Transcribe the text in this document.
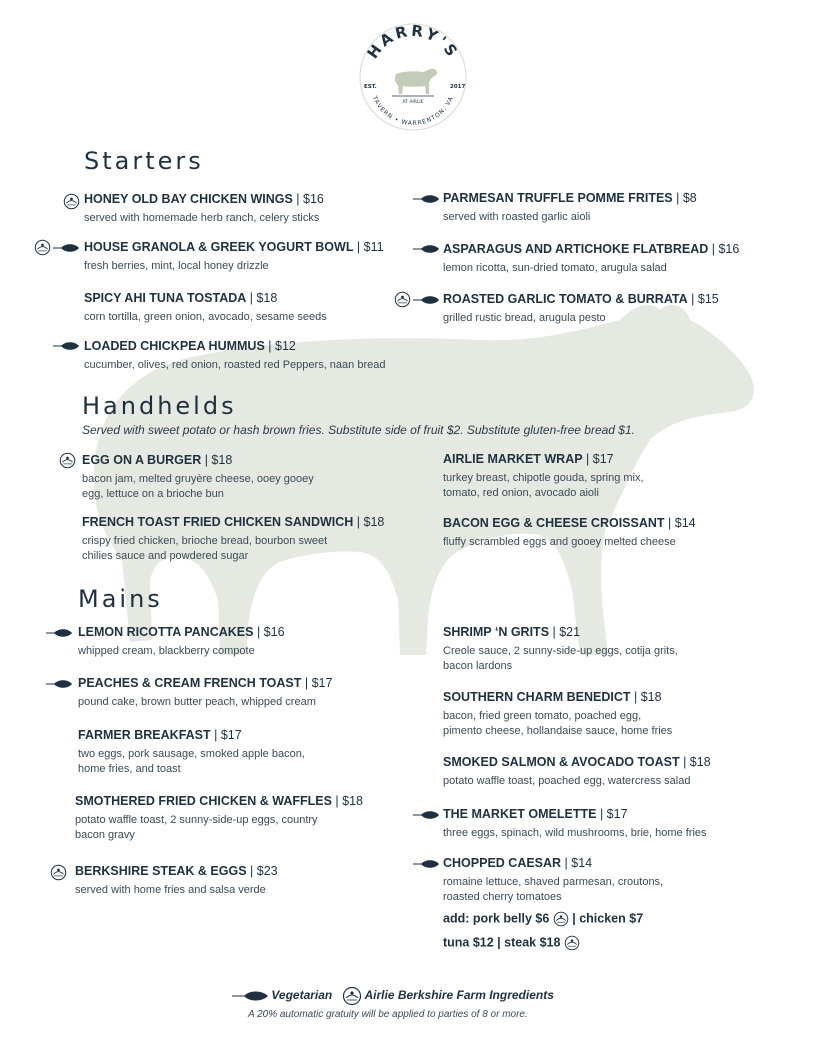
HARRY'S
TAVERN • WARRENTON, VA
EST.	2017
AT AIRLIE
Starters
Handhelds
Served with sweet potato or hash brown fries. Substitute side of fruit $2. Substitute gluten-free bread $1.
Mains
HONEY OLD BAY CHICKEN WINGS | $16
served with homemade herb ranch, celery sticks
HOUSE GRANOLA & GREEK YOGURT BOWL | $11
fresh berries, mint, local honey drizzle
SPICY AHI TUNA TOSTADA | $18
corn tortilla, green onion, avocado, sesame seeds
LOADED CHICKPEA HUMMUS | $12
cucumber, olives, red onion, roasted red Peppers, naan bread
PARMESAN TRUFFLE POMME FRITES | $8
served with roasted garlic aioli
ASPARAGUS AND ARTICHOKE FLATBREAD | $16
lemon ricotta, sun-dried tomato, arugula salad
ROASTED GARLIC TOMATO & BURRATA | $15
grilled rustic bread, arugula pesto
EGG ON A BURGER | $18
bacon jam, melted gruyère cheese, ooey gooey
egg, lettuce on a brioche bun
FRENCH TOAST FRIED CHICKEN SANDWICH | $18
crispy fried chicken, brioche bread, bourbon sweet
chilies sauce and powdered sugar
AIRLIE MARKET WRAP | $17
turkey breast, chipotle gouda, spring mix,
tomato, red onion, avocado aioli
BACON EGG & CHEESE CROISSANT | $14
fluffy scrambled eggs and gooey melted cheese
LEMON RICOTTA PANCAKES | $16
whipped cream, blackberry compote
PEACHES & CREAM FRENCH TOAST | $17
pound cake, brown butter peach, whipped cream
FARMER BREAKFAST | $17
two eggs, pork sausage, smoked apple bacon,
home fries, and toast
SMOTHERED FRIED CHICKEN & WAFFLES | $18
potato waffle toast, 2 sunny-side-up eggs, country
bacon gravy
BERKSHIRE STEAK & EGGS | $23
served with home fries and salsa verde
SHRIMP ‘N GRITS | $21
Creole sauce, 2 sunny-side-up eggs, cotija grits,
bacon lardons
SOUTHERN CHARM BENEDICT | $18
bacon, fried green tomato, poached egg,
pimento cheese, hollandaise sauce, home fries
SMOKED SALMON & AVOCADO TOAST | $18
potato waffle toast, poached egg, watercress salad
THE MARKET OMELETTE | $17
three eggs, spinach, wild mushrooms, brie, home fries
CHOPPED CAESAR | $14
romaine lettuce, shaved parmesan, croutons,
roasted cherry tomatoes
add: pork belly $6  | chicken $7
tuna $12 | steak $18
Vegetarian	Airlie Berkshire Farm Ingredients
A 20% automatic gratuity will be applied to parties of 8 or more.
